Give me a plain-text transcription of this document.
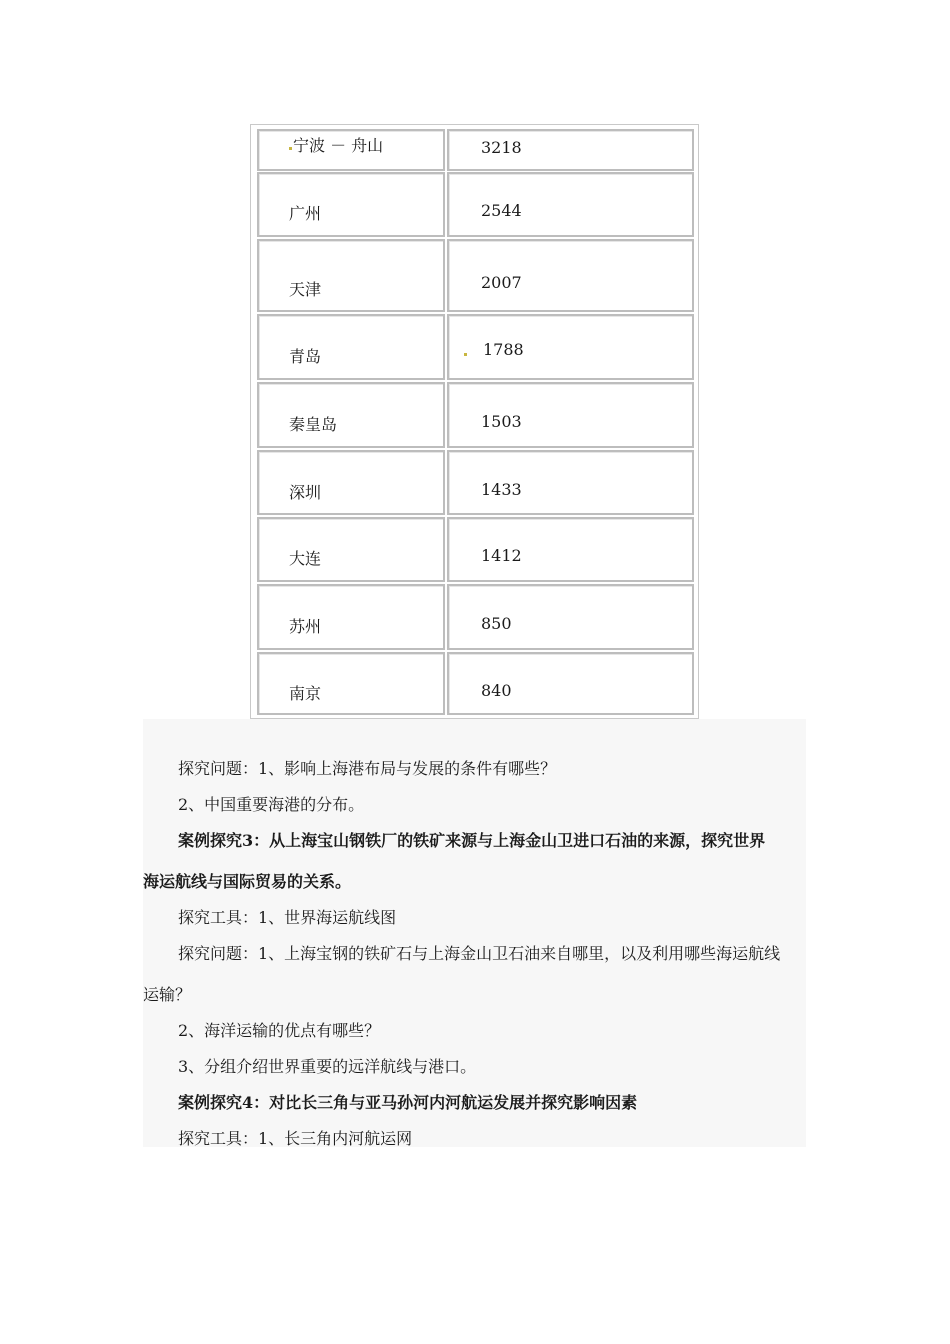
宁波 － 舟山	3218
广州	2544
天津	2007
青岛	1788
秦皇岛	1503
深圳	1433
大连	1412
苏州	850
南京	840
探究问题：1、影响上海港布局与发展的条件有哪些？
2、中国重要海港的分布。
案例探究3：从上海宝山钢铁厂的铁矿来源与上海金山卫进口石油的来源，探究世界
海运航线与国际贸易的关系。
探究工具：1、世界海运航线图
探究问题：1、上海宝钢的铁矿石与上海金山卫石油来自哪里，以及利用哪些海运航线
运输？
2、海洋运输的优点有哪些？
3、分组介绍世界重要的远洋航线与港口。
案例探究4：对比长三角与亚马孙河内河航运发展并探究影响因素
探究工具：1、长三角内河航运网
